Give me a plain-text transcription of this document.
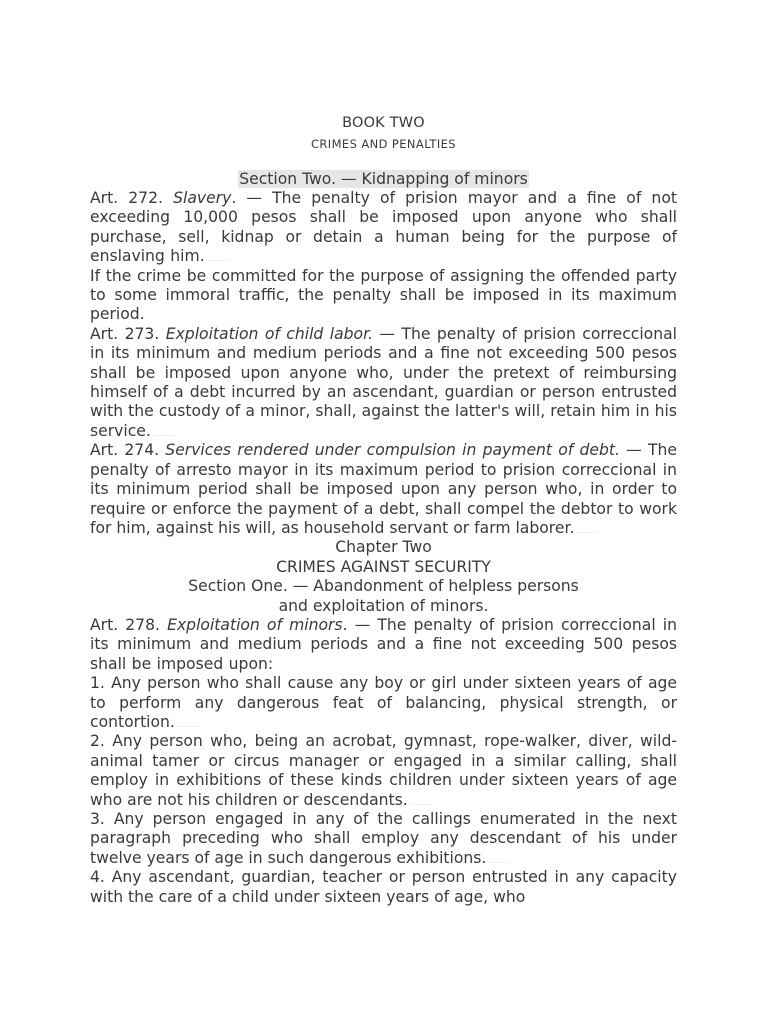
BOOK TWO

CRIMES AND PENALTIES

Section Two. — Kidnapping of minors

Art. 272. Slavery. — The penalty of prision mayor and a fine of not exceeding 10,000 pesos shall be imposed upon anyone who shall purchase, sell, kidnap or detain a human being for the purpose of enslaving him.

If the crime be committed for the purpose of assigning the offended party to some immoral traffic, the penalty shall be imposed in its maximum period.

Art. 273. Exploitation of child labor. — The penalty of prision correccional in its minimum and medium periods and a fine not exceeding 500 pesos shall be imposed upon anyone who, under the pretext of reimbursing himself of a debt incurred by an ascendant, guardian or person entrusted with the custody of a minor, shall, against the latter's will, retain him in his service.

Art. 274. Services rendered under compulsion in payment of debt. — The penalty of arresto mayor in its maximum period to prision correccional in its minimum period shall be imposed upon any person who, in order to require or enforce the payment of a debt, shall compel the debtor to work for him, against his will, as household servant or farm laborer.

Chapter Two

CRIMES AGAINST SECURITY

Section One. — Abandonment of helpless persons

and exploitation of minors.

Art. 278. Exploitation of minors. — The penalty of prision correccional in its minimum and medium periods and a fine not exceeding 500 pesos shall be imposed upon:

1. Any person who shall cause any boy or girl under sixteen years of age to perform any dangerous feat of balancing, physical strength, or contortion.

2. Any person who, being an acrobat, gymnast, rope-walker, diver, wild-animal tamer or circus manager or engaged in a similar calling, shall employ in exhibitions of these kinds children under sixteen years of age who are not his children or descendants.

3. Any person engaged in any of the callings enumerated in the next paragraph preceding who shall employ any descendant of his under twelve years of age in such dangerous exhibitions.

4. Any ascendant, guardian, teacher or person entrusted in any capacity with the care of a child under sixteen years of age, who
